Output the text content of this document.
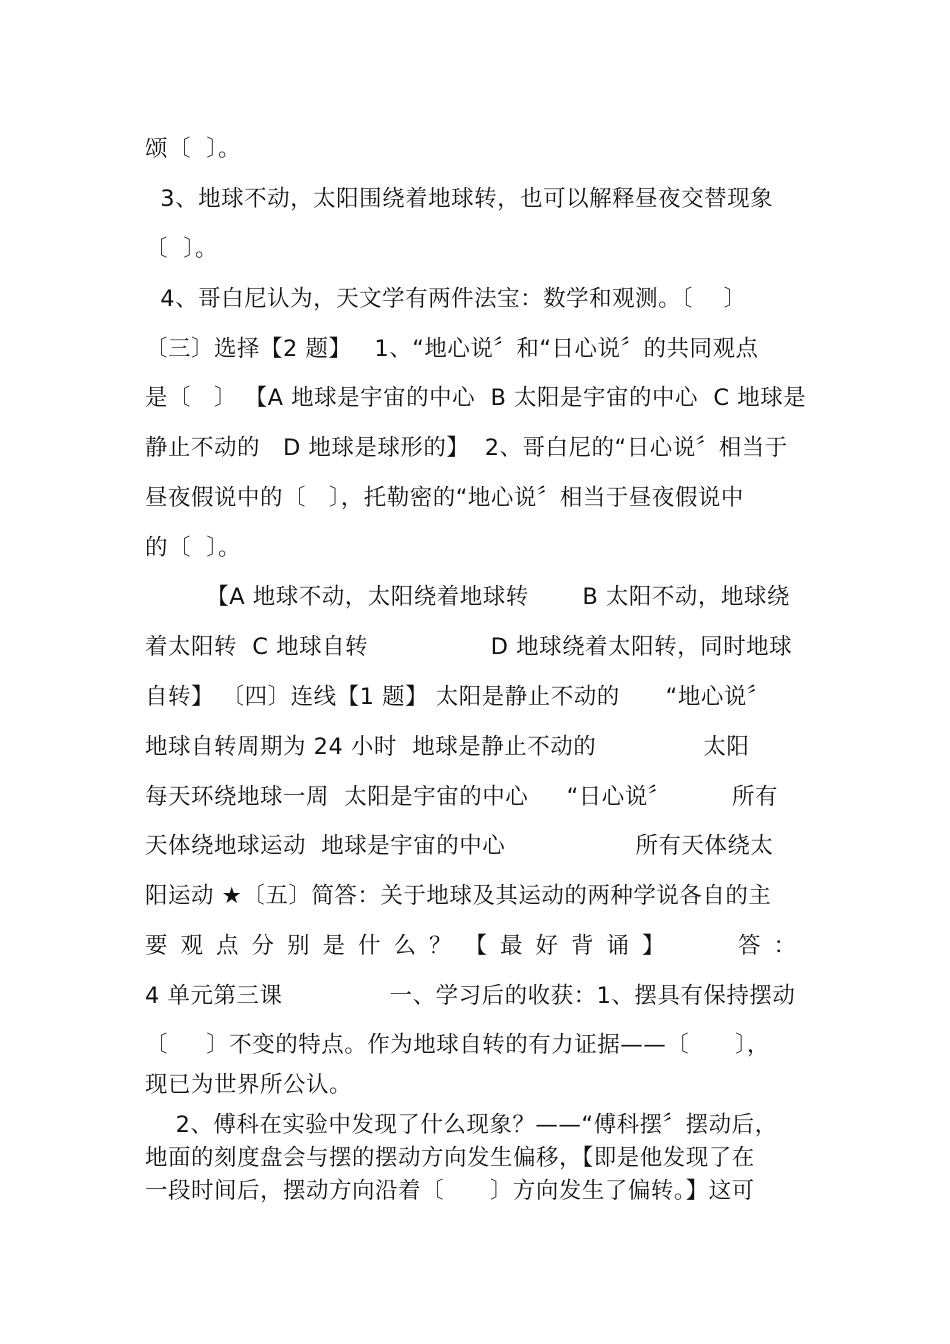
颂〔  〕。
3、地球不动，太阳围绕着地球转，也可以解释昼夜交替现象
〔  〕。
4、哥白尼认为，天文学有两件法宝：数学和观测。〔    〕
〔三〕选择【2 题】   1、“地心说〞和“日心说〞的共同观点
是〔   〕 【A 地球是宇宙的中心  B 太阳是宇宙的中心  C 地球是
静止不动的   D 地球是球形的】  2、哥白尼的“日心说〞相当于
昼夜假说中的〔   〕，托勒密的“地心说〞相当于昼夜假说中
的〔  〕。
【A 地球不动，太阳绕着地球转       B 太阳不动，地球绕
着太阳转  C 地球自转                D 地球绕着太阳转，同时地球
自转】 〔四〕连线【1 题】 太阳是静止不动的      “地心说〞
地球自转周期为 24 小时  地球是静止不动的              太阳
每天环绕地球一周  太阳是宇宙的中心     “日心说〞        所有
天体绕地球运动  地球是宇宙的中心                 所有天体绕太
阳运动 ★〔五〕简答：关于地球及其运动的两种学说各自的主
要观点分别是什么？【最好背诵】   答：
4 单元第三课              一、学习后的收获：1、摆具有保持摆动
〔     〕不变的特点。作为地球自转的有力证据——〔      〕，
现已为世界所公认。
2、傅科在实验中发现了什么现象？——“傅科摆〞摆动后，
地面的刻度盘会与摆的摆动方向发生偏移，【即是他发现了在
一段时间后，摆动方向沿着〔      〕方向发生了偏转。】这可
